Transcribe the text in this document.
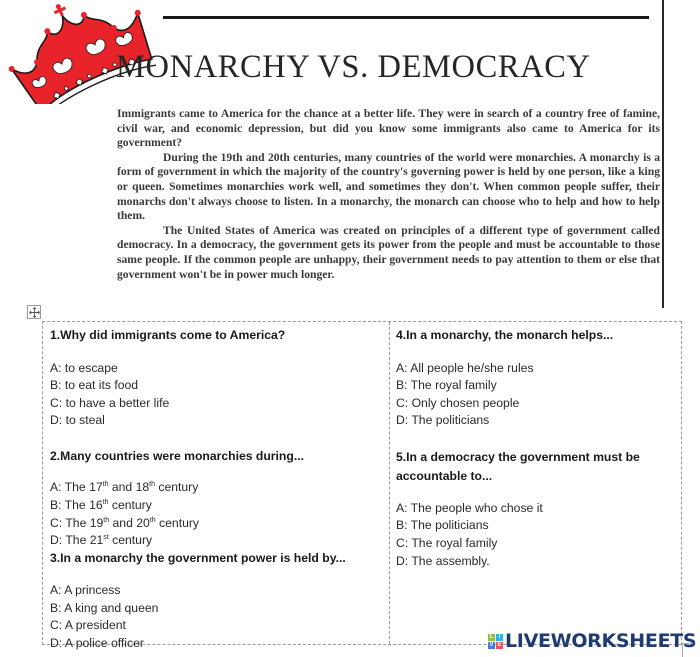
MONARCHY VS. DEMOCRACY

Immigrants came to America for the chance at a better life. They were in search of a country free of famine, civil war, and economic depression, but did you know some immigrants also came to America for its government?

During the 19th and 20th centuries, many countries of the world were monarchies. A monarchy is a form of government in which the majority of the country's governing power is held by one person, like a king or queen. Sometimes monarchies work well, and sometimes they don't. When common people suffer, their monarchs don't always choose to listen. In a monarchy, the monarch can choose who to help and how to help them.

The United States of America was created on principles of a different type of government called democracy. In a democracy, the government gets its power from the people and must be accountable to those same people. If the common people are unhappy, their government needs to pay attention to them or else that government won't be in power much longer.

1.Why did immigrants come to America?
A: to escape
B: to eat its food
C: to have a better life
D: to steal
2.Many countries were monarchies during...
A: The 17th and 18th century
B: The 16th century
C: The 19th and 20th century
D: The 21st century
3.In a monarchy the government power is held by...
A: A princess
B: A king and queen
C: A president
D: A police officer
4.In a monarchy, the monarch helps...
A: All people he/she rules
B: The royal family
C: Only chosen people
D: The politicians
5.In a democracy the government must be
accountable to...
A: The people who chose it
B: The politicians
C: The royal family
D: The assembly.
L I
V E LIVEWORKSHEETS
